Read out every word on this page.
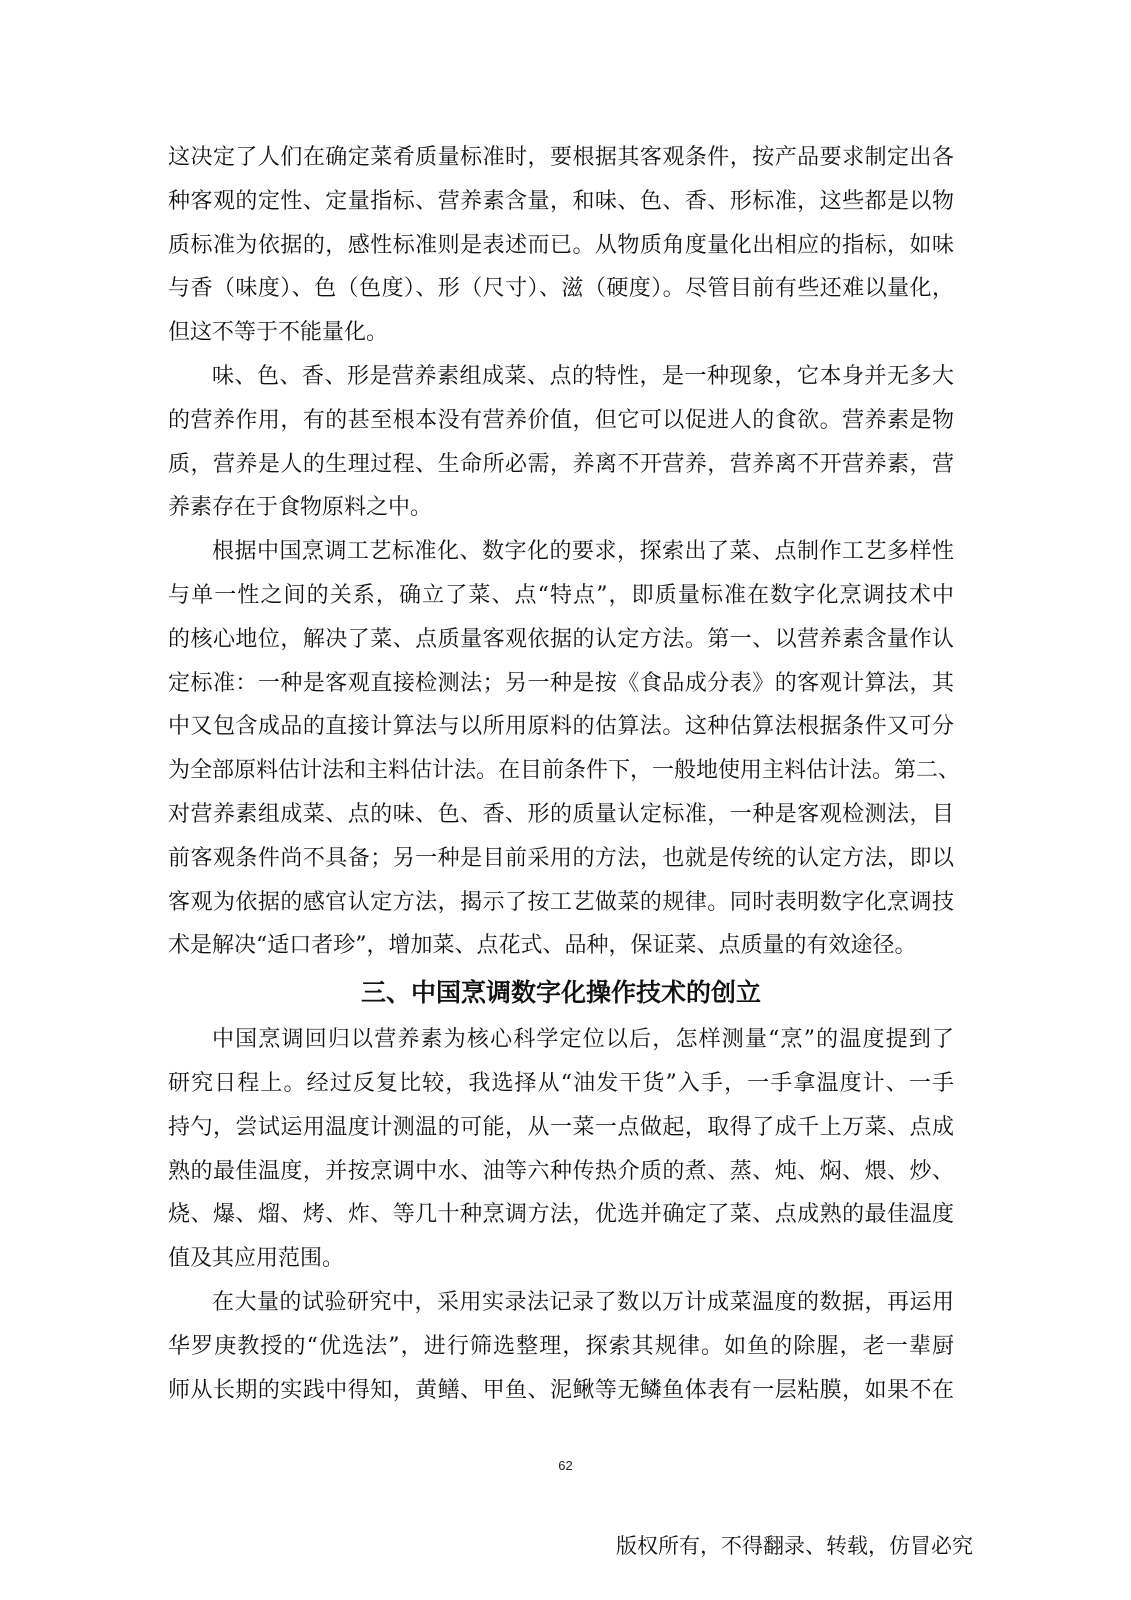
这决定了人们在确定菜肴质量标准时，要根据其客观条件，按产品要求制定出各
种客观的定性、定量指标、营养素含量，和味、色、香、形标准，这些都是以物
质标准为依据的，感性标准则是表述而已。从物质角度量化出相应的指标，如味
与香（味度）、色（色度）、形（尺寸）、滋（硬度）。尽管目前有些还难以量化，
但这不等于不能量化。
味、色、香、形是营养素组成菜、点的特性，是一种现象，它本身并无多大
的营养作用，有的甚至根本没有营养价值，但它可以促进人的食欲。营养素是物
质，营养是人的生理过程、生命所必需，养离不开营养，营养离不开营养素，营
养素存在于食物原料之中。
根据中国烹调工艺标准化、数字化的要求，探索出了菜、点制作工艺多样性
与单一性之间的关系，确立了菜、点“特点”，即质量标准在数字化烹调技术中
的核心地位，解决了菜、点质量客观依据的认定方法。第一、以营养素含量作认
定标准：一种是客观直接检测法；另一种是按《食品成分表》的客观计算法，其
中又包含成品的直接计算法与以所用原料的估算法。这种估算法根据条件又可分
为全部原料估计法和主料估计法。在目前条件下，一般地使用主料估计法。第二、
对营养素组成菜、点的味、色、香、形的质量认定标准，一种是客观检测法，目
前客观条件尚不具备；另一种是目前采用的方法，也就是传统的认定方法，即以
客观为依据的感官认定方法，揭示了按工艺做菜的规律。同时表明数字化烹调技
术是解决“适口者珍”，增加菜、点花式、品种，保证菜、点质量的有效途径。
三、中国烹调数字化操作技术的创立
中国烹调回归以营养素为核心科学定位以后，怎样测量“烹”的温度提到了
研究日程上。经过反复比较，我选择从“油发干货”入手，一手拿温度计、一手
持勺，尝试运用温度计测温的可能，从一菜一点做起，取得了成千上万菜、点成
熟的最佳温度，并按烹调中水、油等六种传热介质的煮、蒸、炖、焖、煨、炒、
烧、爆、熘、烤、炸、等几十种烹调方法，优选并确定了菜、点成熟的最佳温度
值及其应用范围。
在大量的试验研究中，采用实录法记录了数以万计成菜温度的数据，再运用
华罗庚教授的“优选法”，进行筛选整理，探索其规律。如鱼的除腥，老一辈厨
师从长期的实践中得知，黄鳝、甲鱼、泥鳅等无鳞鱼体表有一层粘膜，如果不在
62
版权所有，不得翻录、转载，仿冒必究
